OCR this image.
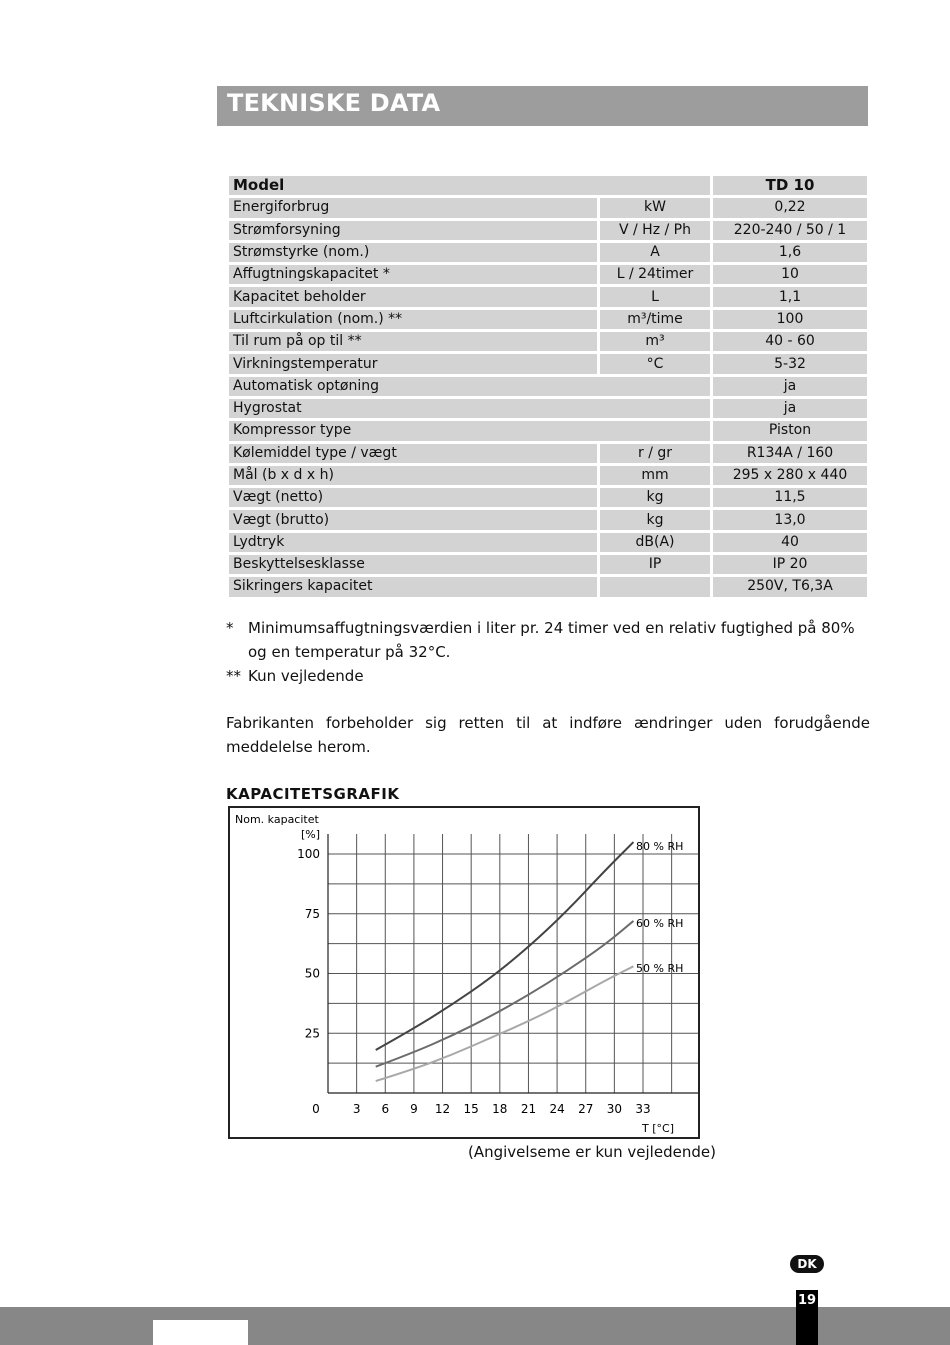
TEKNISKE DATA
Model		TD 10
Energiforbrug	kW	0,22
Strømforsyning	V / Hz / Ph	220-240 / 50 / 1
Strømstyrke (nom.)	A	1,6
Affugtningskapacitet *	L / 24timer	10
Kapacitet beholder	L	1,1
Luftcirkulation (nom.) **	m³/time	100
Til rum på op til **	m³	40 - 60
Virkningstemperatur	°C	5-32
Automatisk optøning		ja
Hygrostat		ja
Kompressor type		Piston
Kølemiddel type / vægt	r / gr	R134A / 160
Mål (b x d x h)	mm	295 x 280 x 440
Vægt (netto)	kg	11,5
Vægt (brutto)	kg	13,0
Lydtryk	dB(A)	40
Beskyttelsesklasse	IP	IP 20
Sikringers kapacitet		250V, T6,3A
* Minimumsaffugtningsværdien i liter pr. 24 timer ved en relativ fugtighed på 80% og en temperatur på 32°C.
** Kun vejledende
Fabrikanten forbeholder sig retten til at indføre ændringer uden forudgående meddelelse herom.
KAPACITETSGRAFIK
25
50
75
100
0	3 6 9 12 15 18 21 24 27 30 33
80 % RH
60 % RH
50 % RH
Nom. kapacitet
[%]
T [°C]
(Angivelseme er kun vejledende)
DK
19
